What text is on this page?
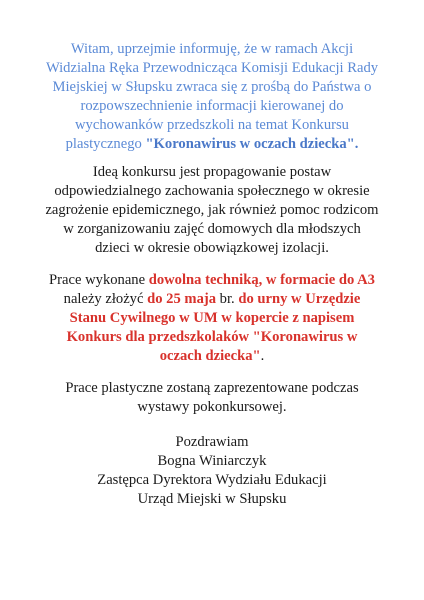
Witam, uprzejmie informuję, że w ramach Akcji
Widzialna Ręka Przewodnicząca Komisji Edukacji Rady
Miejskiej w Słupsku zwraca się z prośbą do Państwa o
rozpowszechnienie informacji kierowanej do
wychowanków przedszkoli na temat Konkursu
plastycznego "Koronawirus w oczach dziecka".

Ideą konkursu jest propagowanie postaw
odpowiedzialnego zachowania społecznego w okresie
zagrożenie epidemicznego, jak również pomoc rodzicom
w zorganizowaniu zajęć domowych dla młodszych
dzieci w okresie obowiązkowej izolacji.

Prace wykonane dowolna techniką, w formacie do A3
należy złożyć do 25 maja br. do urny w Urzędzie
Stanu Cywilnego w UM w kopercie z napisem
Konkurs dla przedszkolaków "Koronawirus w
oczach dziecka".

Prace plastyczne zostaną zaprezentowane podczas
wystawy pokonkursowej.

Pozdrawiam
Bogna Winiarczyk
Zastępca Dyrektora Wydziału Edukacji
Urząd Miejski w Słupsku
